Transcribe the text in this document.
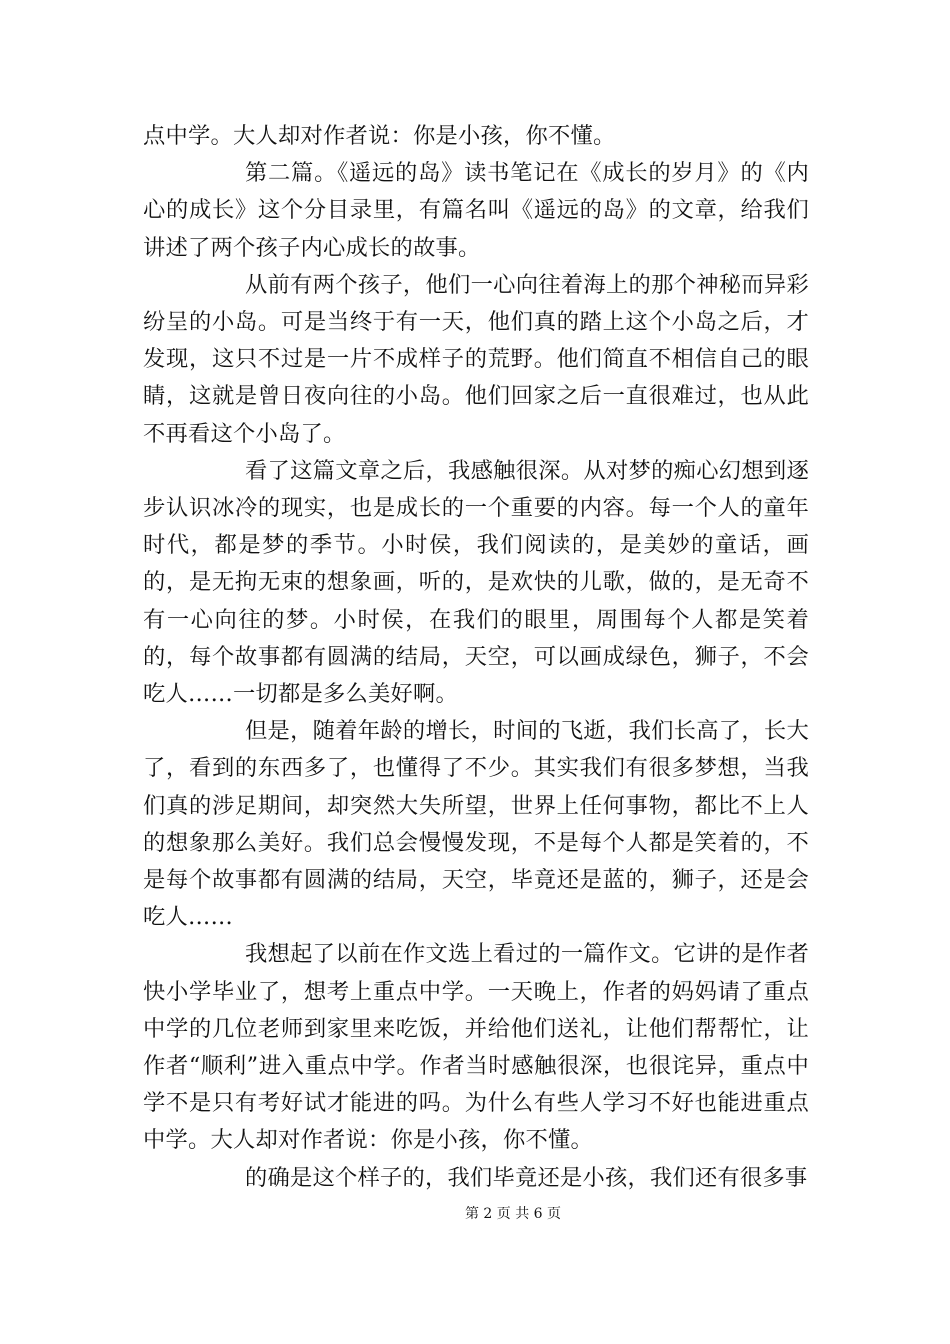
点中学。大人却对作者说：你是小孩，你不懂。

第二篇。《遥远的岛》读书笔记在《成长的岁月》的《内心的成长》这个分目录里，有篇名叫《遥远的岛》的文章，给我们讲述了两个孩子内心成长的故事。

从前有两个孩子，他们一心向往着海上的那个神秘而异彩纷呈的小岛。可是当终于有一天，他们真的踏上这个小岛之后，才发现，这只不过是一片不成样子的荒野。他们简直不相信自己的眼睛，这就是曾日夜向往的小岛。他们回家之后一直很难过，也从此不再看这个小岛了。

看了这篇文章之后，我感触很深。从对梦的痴心幻想到逐步认识冰冷的现实，也是成长的一个重要的内容。每一个人的童年时代，都是梦的季节。小时侯，我们阅读的，是美妙的童话，画的，是无拘无束的想象画，听的，是欢快的儿歌，做的，是无奇不有一心向往的梦。小时侯，在我们的眼里，周围每个人都是笑着的，每个故事都有圆满的结局，天空，可以画成绿色，狮子，不会吃人……一切都是多么美好啊。

但是，随着年龄的增长，时间的飞逝，我们长高了，长大了，看到的东西多了，也懂得了不少。其实我们有很多梦想，当我们真的涉足期间，却突然大失所望，世界上任何事物，都比不上人的想象那么美好。我们总会慢慢发现，不是每个人都是笑着的，不是每个故事都有圆满的结局，天空，毕竟还是蓝的，狮子，还是会吃人……

我想起了以前在作文选上看过的一篇作文。它讲的是作者快小学毕业了，想考上重点中学。一天晚上，作者的妈妈请了重点中学的几位老师到家里来吃饭，并给他们送礼，让他们帮帮忙，让作者“顺利”进入重点中学。作者当时感触很深，也很诧异，重点中学不是只有考好试才能进的吗。为什么有些人学习不好也能进重点中学。大人却对作者说：你是小孩，你不懂。

的确是这个样子的，我们毕竟还是小孩，我们还有很多事

第 2 页 共 6 页
